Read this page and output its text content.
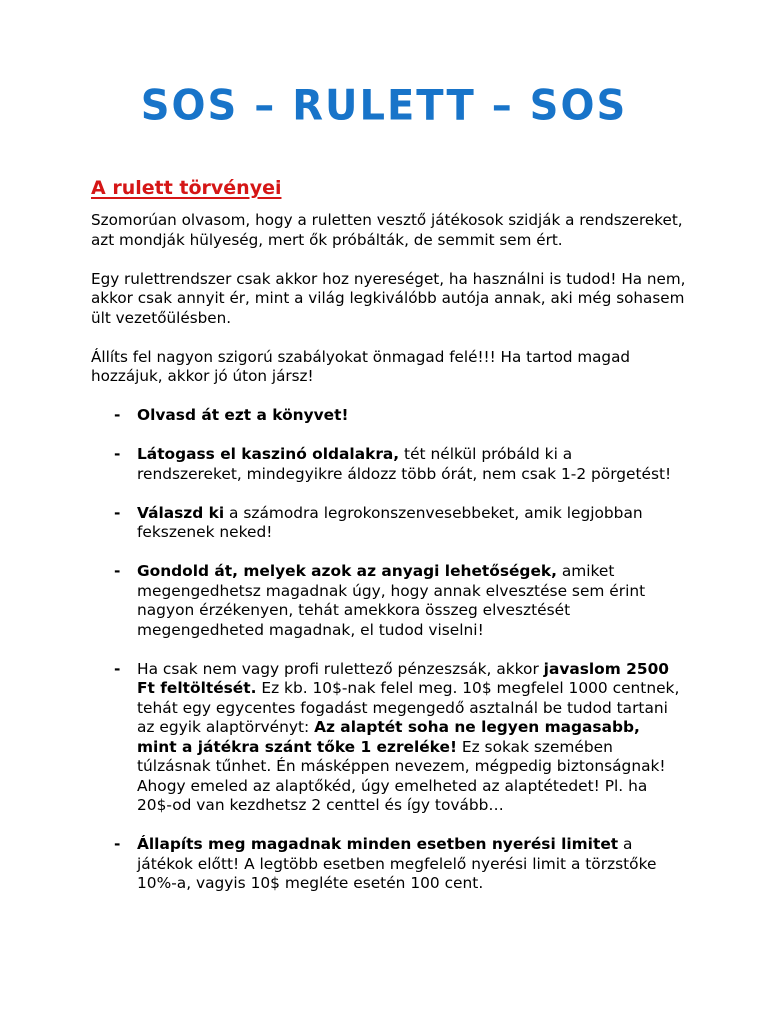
SOS – RULETT – SOS
A rulett törvényei

Szomorúan olvasom, hogy a ruletten vesztő játékosok szidják a rendszereket, azt mondják hülyeség, mert ők próbálták, de semmit sem ért.

Egy rulettrendszer csak akkor hoz nyereséget, ha használni is tudod! Ha nem, akkor csak annyit ér, mint a világ legkiválóbb autója annak, aki még sohasem ült vezetőülésben.

Állíts fel nagyon szigorú szabályokat önmagad felé!!! Ha tartod magad hozzájuk, akkor jó úton jársz!

- Olvasd át ezt a könyvet!
- Látogass el kaszinó oldalakra, tét nélkül próbáld ki a rendszereket, mindegyikre áldozz több órát, nem csak 1-2 pörgetést!
- Válaszd ki a számodra legrokonszenvesebbeket, amik legjobban fekszenek neked!
- Gondold át, melyek azok az anyagi lehetőségek, amiket megengedhetsz magadnak úgy, hogy annak elvesztése sem érint nagyon érzékenyen, tehát amekkora összeg elvesztését megengedheted magadnak, el tudod viselni!
- Ha csak nem vagy profi rulettező pénzeszsák, akkor javaslom 2500 Ft feltöltését. Ez kb. 10$-nak felel meg. 10$ megfelel 1000 centnek, tehát egy egycentes fogadást megengedő asztalnál be tudod tartani az egyik alaptörvényt: Az alaptét soha ne legyen magasabb, mint a játékra szánt tőke 1 ezreléke! Ez sokak szemében túlzásnak tűnhet. Én másképpen nevezem, mégpedig biztonságnak! Ahogy emeled az alaptőkéd, úgy emelheted az alaptétedet! Pl. ha 20$-od van kezdhetsz 2 centtel és így tovább…
- Állapíts meg magadnak minden esetben nyerési limitet a játékok előtt! A legtöbb esetben megfelelő nyerési limit a törzstőke 10%-a, vagyis 10$ megléte esetén 100 cent.
